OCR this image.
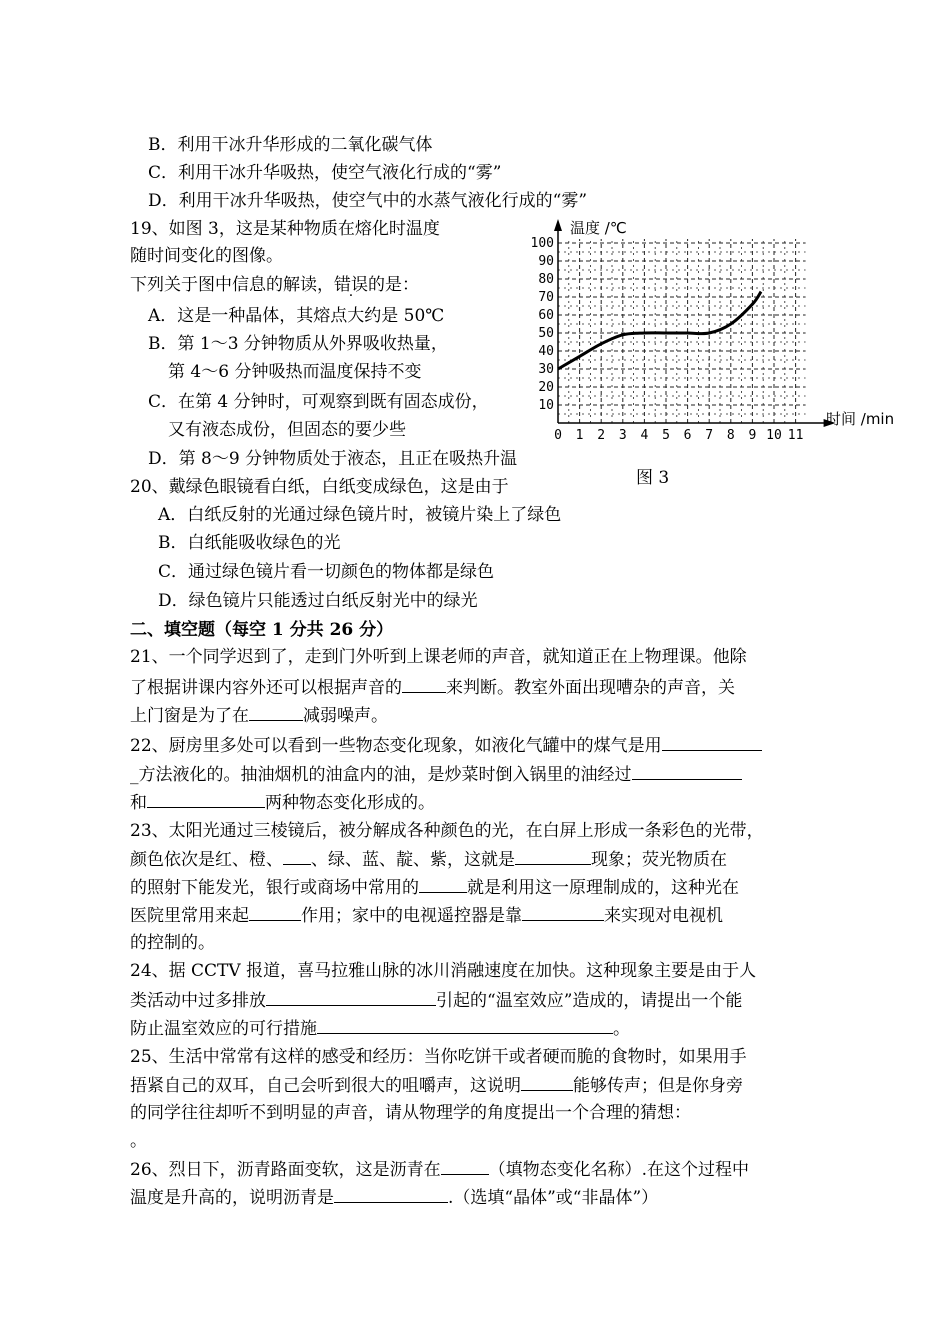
B．利用干冰升华形成的二氧化碳气体
C．利用干冰升华吸热，使空气液化行成的“雾”
D．利用干冰升华吸热，使空气中的水蒸气液化行成的“雾”
19、如图 3，这是某种物质在熔化时温度
随时间变化的图像。
下列关于图中信息的解读，错误的是：
A．这是一种晶体，其熔点大约是 50℃
B．第 1～3 分钟物质从外界吸收热量，
第 4～6 分钟吸热而温度保持不变
C．在第 4 分钟时，可观察到既有固态成份，
又有液态成份，但固态的要少些
D．第 8～9 分钟物质处于液态，且正在吸热升温
0 1 2 3 4 5 6 7 8 9 10 11
10
20
30
40
50
60
70
80
90
100
温度 /℃
时间 /min
图 3
20、戴绿色眼镜看白纸，白纸变成绿色，这是由于
A．白纸反射的光通过绿色镜片时，被镜片染上了绿色
B．白纸能吸收绿色的光
C．通过绿色镜片看一切颜色的物体都是绿色
D．绿色镜片只能透过白纸反射光中的绿光
二、填空题（每空 1 分共 26 分）
21、一个同学迟到了，走到门外听到上课老师的声音，就知道正在上物理课。他除
了根据讲课内容外还可以根据声音的	来判断。教室外面出现嘈杂的声音，关
上门窗是为了在	减弱噪声。
22、厨房里多处可以看到一些物态变化现象，如液化气罐中的煤气是用
_方法液化的。抽油烟机的油盒内的油，是炒菜时倒入锅里的油经过
和	两种物态变化形成的。
23、太阳光通过三棱镜后，被分解成各种颜色的光，在白屏上形成一条彩色的光带，
颜色依次是红、橙、 、绿、蓝、靛、紫，这就是	现象；荧光物质在
的照射下能发光，银行或商场中常用的	就是利用这一原理制成的，这种光在
医院里常用来起	作用；家中的电视遥控器是靠	来实现对电视机
的控制的。
24、据 CCTV 报道，喜马拉雅山脉的冰川消融速度在加快。这种现象主要是由于人
类活动中过多排放	引起的“温室效应”造成的，请提出一个能
防止温室效应的可行措施	。
25、生活中常常有这样的感受和经历：当你吃饼干或者硬而脆的食物时，如果用手
捂紧自己的双耳，自己会听到很大的咀嚼声，这说明	能够传声；但是你身旁
的同学往往却听不到明显的声音，请从物理学的角度提出一个合理的猜想：
。
26、烈日下，沥青路面变软，这是沥青在	（填物态变化名称）.在这个过程中
温度是升高的，说明沥青是	.（选填“晶体”或“非晶体”）
